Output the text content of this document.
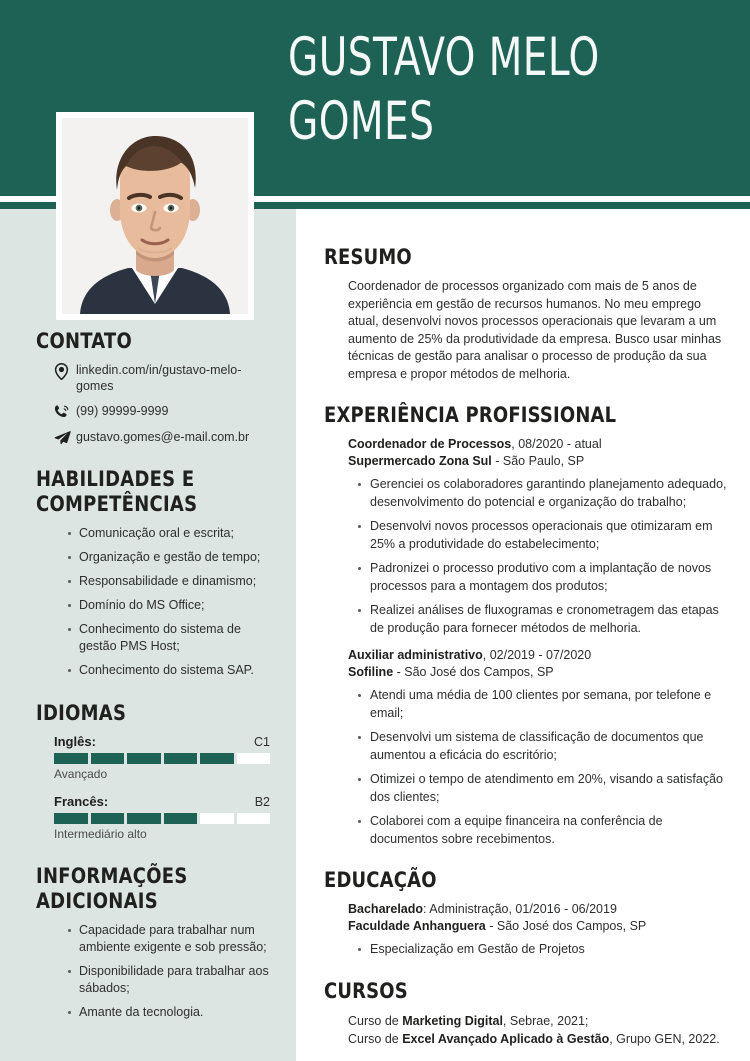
GUSTAVO MELO
GOMES
CONTATO
linkedin.com/in/gustavo-melo-gomes
(99) 99999-9999
gustavo.gomes@e-mail.com.br
HABILIDADES E COMPETÊNCIAS
Comunicação oral e escrita;
Organização e gestão de tempo;
Responsabilidade e dinamismo;
Domínio do MS Office;
Conhecimento do sistema de gestão PMS Host;
Conhecimento do sistema SAP.
IDIOMAS
Inglês:	C1
Avançado
Francês:	B2
Intermediário alto
INFORMAÇÕES ADICIONAIS
Capacidade para trabalhar num ambiente exigente e sob pressão;
Disponibilidade para trabalhar aos sábados;
Amante da tecnologia.
RESUMO

Coordenador de processos organizado com mais de 5 anos de experiência em gestão de recursos humanos. No meu emprego atual, desenvolvi novos processos operacionais que levaram a um aumento de 25% da produtividade da empresa. Busco usar minhas técnicas de gestão para analisar o processo de produção da sua empresa e propor métodos de melhoria.

EXPERIÊNCIA PROFISSIONAL
Coordenador de Processos, 08/2020 - atual
Supermercado Zona Sul - São Paulo, SP
Gerenciei os colaboradores garantindo planejamento adequado, desenvolvimento do potencial e organização do trabalho;
Desenvolvi novos processos operacionais que otimizaram em 25% a produtividade do estabelecimento;
Padronizei o processo produtivo com a implantação de novos processos para a montagem dos produtos;
Realizei análises de fluxogramas e cronometragem das etapas de produção para fornecer métodos de melhoria.
Auxiliar administrativo, 02/2019 - 07/2020
Sofiline - São José dos Campos, SP
Atendi uma média de 100 clientes por semana, por telefone e email;
Desenvolvi um sistema de classificação de documentos que aumentou a eficácia do escritório;
Otimizei o tempo de atendimento em 20%, visando a satisfação dos clientes;
Colaborei com a equipe financeira na conferência de documentos sobre recebimentos.
EDUCAÇÃO
Bacharelado: Administração, 01/2016 - 06/2019
Faculdade Anhanguera - São José dos Campos, SP
Especialização em Gestão de Projetos
CURSOS
Curso de Marketing Digital, Sebrae, 2021;
Curso de Excel Avançado Aplicado à Gestão, Grupo GEN, 2022.
